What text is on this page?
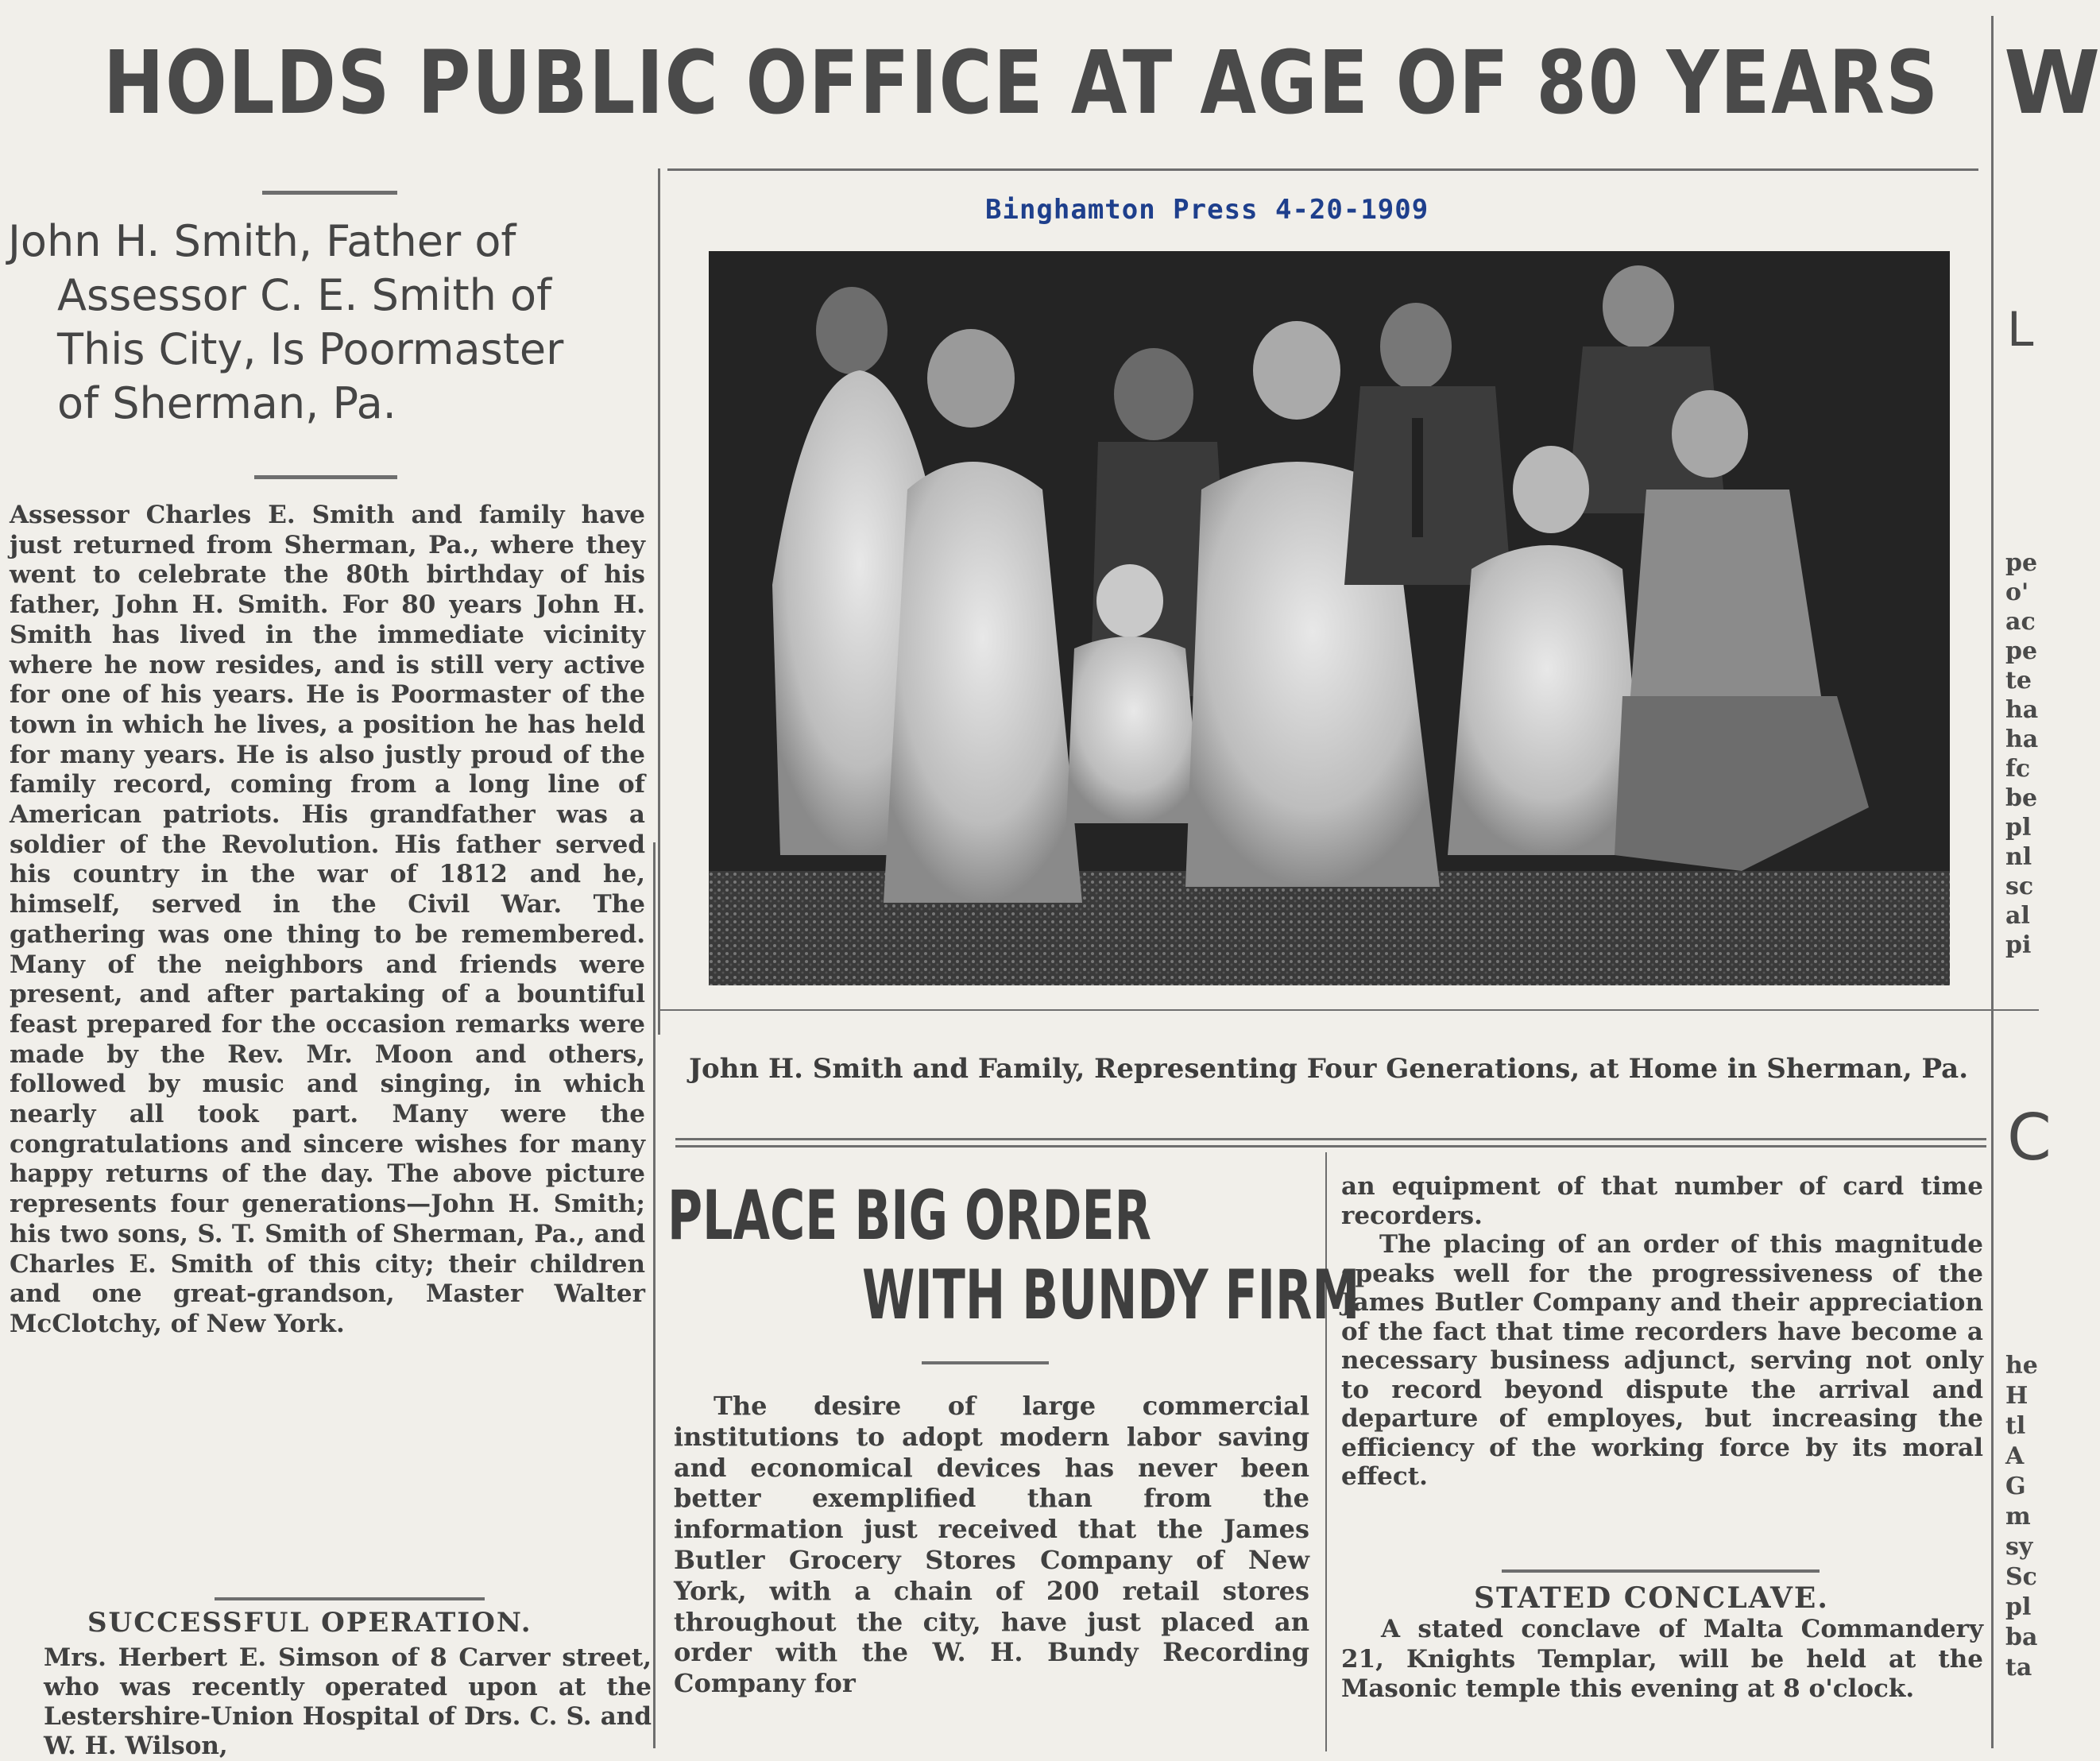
HOLDS PUBLIC OFFICE AT AGE OF 80 YEARS
Binghamton Press 4-20-1909
John H. Smith, Father of
Assessor C. E. Smith of
This City, Is Poormaster
of Sherman, Pa.
Assessor Charles E. Smith and family have just returned from Sherman, Pa., where they went to celebrate the 80th birthday of his father, John H. Smith. For 80 years John H. Smith has lived in the immediate vicinity where he now resides, and is still very active for one of his years. He is Poormaster of the town in which he lives, a position he has held for many years. He is also justly proud of the family record, coming from a long line of American patriots. His grandfather was a soldier of the Revolution. His father served his country in the war of 1812 and he, himself, served in the Civil War. The gathering was one thing to be remembered. Many of the neighbors and friends were present, and after partaking of a bountiful feast prepared for the occasion remarks were made by the Rev. Mr. Moon and others, followed by music and singing, in which nearly all took part. Many were the congratulations and sincere wishes for many happy returns of the day. The above picture represents four generations—John H. Smith; his two sons, S. T. Smith of Sherman, Pa., and Charles E. Smith of this city; their children and one great-grandson, Master Walter McClotchy, of New York.
SUCCESSFUL OPERATION.
Mrs. Herbert E. Simson of 8 Carver street, who was recently operated upon at the Lestershire-Union Hospital of Drs. C. S. and W. H. Wilson,
John H. Smith and Family, Representing Four Generations, at Home in Sherman, Pa.
PLACE BIG ORDER
WITH BUNDY FIRM
The desire of large commercial institutions to adopt modern labor saving and economical devices has never been better exemplified than from the information just received that the James Butler Grocery Stores Company of New York, with a chain of 200 retail stores throughout the city, have just placed an order with the W. H. Bundy Recording Company for
an equipment of that number of card time recorders.
The placing of an order of this magnitude speaks well for the progressiveness of the James Butler Company and their appreciation of the fact that time recorders have become a necessary business adjunct, serving not only to record beyond dispute the arrival and departure of employes, but increasing the efficiency of the working force by its moral effect.
STATED CONCLAVE.
A stated conclave of Malta Commandery 21, Knights Templar, will be held at the Masonic temple this evening at 8 o'clock.
W
L
pe
o'
ac
pe
te
ha
ha
fc
be
pl
nl
sc
al
pi
C
he
H
tl
A
G
m
sy
Sc
pl
ba
ta
